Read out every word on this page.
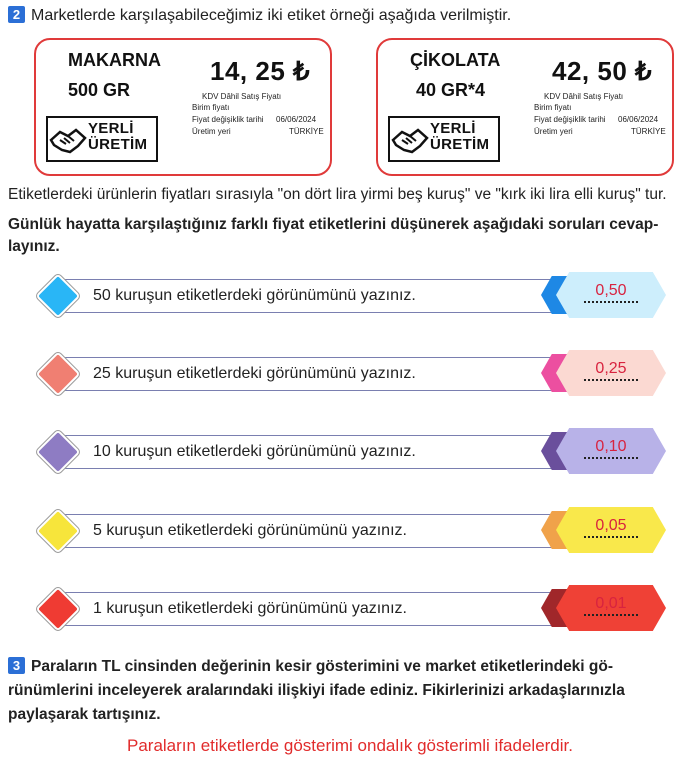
2 Marketlerde karşılaşabileceğimiz iki etiket örneği aşağıda verilmiştir.
MAKARNA
500 GR
14, 25 ₺
KDV Dâhil Satış Fiyatı
Birim fiyatı
Fiyat değişiklik tarihi 06/06/2024
Üretim yeri	TÜRKİYE
YERLİ
ÜRETİM
ÇİKOLATA
40 GR*4
42, 50 ₺
KDV Dâhil Satış Fiyatı
Birim fiyatı
Fiyat değişiklik tarihi 06/06/2024
Üretim yeri	TÜRKİYE
YERLİ
ÜRETİM
Etiketlerdeki ürünlerin fiyatları sırasıyla "on dört lira yirmi beş kuruş" ve "kırk iki lira elli kuruş" tur.
Günlük hayatta karşılaştığınız farklı fiyat etiketlerini düşünerek aşağıdaki soruları cevap-layınız.
50 kuruşun etiketlerdeki görünümünü yazınız.	0,50
25 kuruşun etiketlerdeki görünümünü yazınız.	0,25
10 kuruşun etiketlerdeki görünümünü yazınız.	0,10
5 kuruşun etiketlerdeki görünümünü yazınız.	0,05
1 kuruşun etiketlerdeki görünümünü yazınız.	0,01
3 Paraların TL cinsinden değerinin kesir gösterimini ve market etiketlerindeki gö-rünümlerini inceleyerek aralarındaki ilişkiyi ifade ediniz. Fikirlerinizi arkadaşlarınızla paylaşarak tartışınız.
Paraların etiketlerde gösterimi ondalık gösterimli ifadelerdir.
